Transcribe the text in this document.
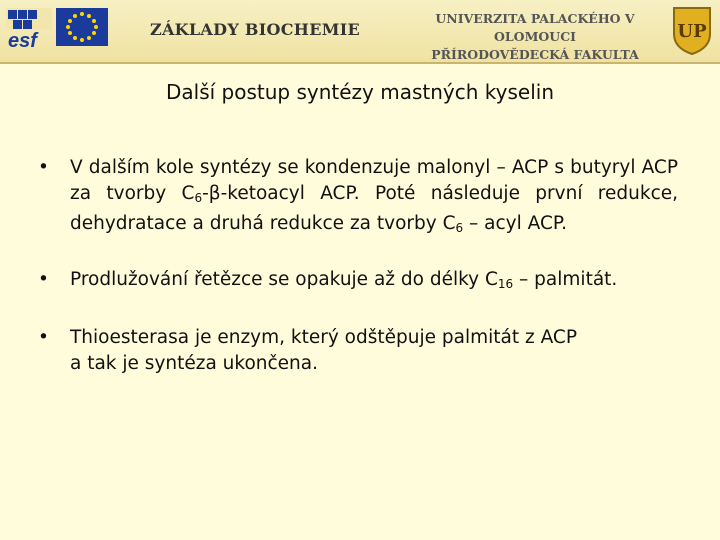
esf
ZÁKLADY BIOCHEMIE
UNIVERZITA PALACKÉHO V OLOMOUCI
PŘÍRODOVĚDECKÁ FAKULTA
UP
Další postup syntézy mastných kyselin
• V dalším kole syntézy se kondenzuje malonyl – ACP s butyryl ACP za tvorby $C_6-\beta$-ketoacyl ACP. Poté následuje první redukce, dehydratace a druhá redukce za tvorby $C_6$ – acyl ACP.
• Prodlužování řetězce se opakuje až do délky $C_{16}$ – palmitát.
• Thioesterasa je enzym, který odštěpuje palmitát z ACP
a tak je syntéza ukončena.
